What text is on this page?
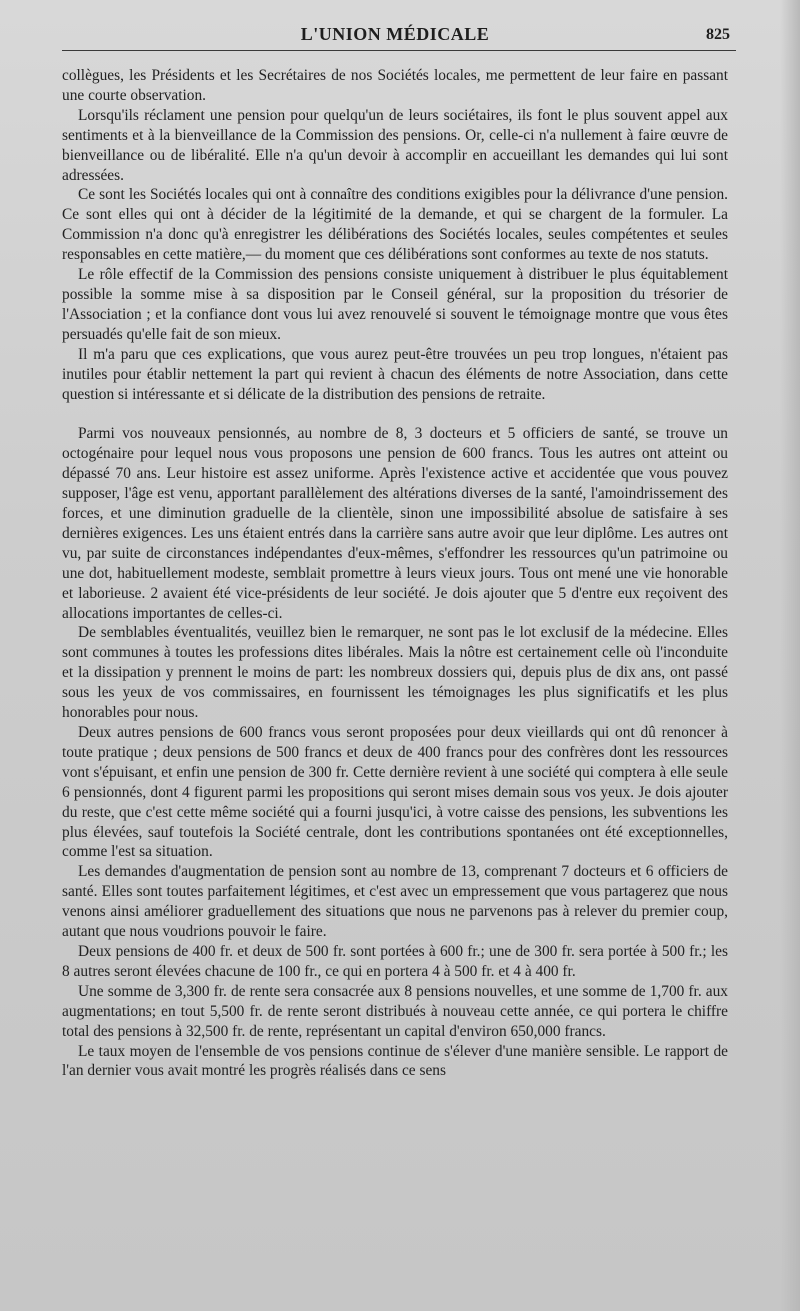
L'UNION MÉDICALE	825

collègues, les Présidents et les Secrétaires de nos Sociétés locales, me permettent de leur faire en passant une courte observation.

Lorsqu'ils réclament une pension pour quelqu'un de leurs sociétaires, ils font le plus souvent appel aux sentiments et à la bienveillance de la Commission des pensions. Or, celle-ci n'a nullement à faire œuvre de bienveillance ou de libéralité. Elle n'a qu'un devoir à accomplir en accueillant les demandes qui lui sont adressées.

Ce sont les Sociétés locales qui ont à connaître des conditions exigibles pour la délivrance d'une pension. Ce sont elles qui ont à décider de la légitimité de la demande, et qui se chargent de la formuler. La Commission n'a donc qu'à enregistrer les délibérations des Sociétés locales, seules compétentes et seules responsables en cette matière,— du moment que ces délibérations sont conformes au texte de nos statuts.

Le rôle effectif de la Commission des pensions consiste uniquement à distribuer le plus équitablement possible la somme mise à sa disposition par le Conseil général, sur la proposition du trésorier de l'Association ; et la confiance dont vous lui avez renouvelé si souvent le témoignage montre que vous êtes persuadés qu'elle fait de son mieux.

Il m'a paru que ces explications, que vous aurez peut-être trouvées un peu trop longues, n'étaient pas inutiles pour établir nettement la part qui revient à chacun des éléments de notre Association, dans cette question si intéressante et si délicate de la distribution des pensions de retraite.

Parmi vos nouveaux pensionnés, au nombre de 8, 3 docteurs et 5 officiers de santé, se trouve un octogénaire pour lequel nous vous proposons une pension de 600 francs. Tous les autres ont atteint ou dépassé 70 ans. Leur histoire est assez uniforme. Après l'existence active et accidentée que vous pouvez supposer, l'âge est venu, apportant parallèlement des altérations diverses de la santé, l'amoindrissement des forces, et une diminution graduelle de la clientèle, sinon une impossibilité absolue de satisfaire à ses dernières exigences. Les uns étaient entrés dans la carrière sans autre avoir que leur diplôme. Les autres ont vu, par suite de circonstances indépendantes d'eux-mêmes, s'effondrer les ressources qu'un patrimoine ou une dot, habituellement modeste, semblait promettre à leurs vieux jours. Tous ont mené une vie honorable et laborieuse. 2 avaient été vice-présidents de leur société. Je dois ajouter que 5 d'entre eux reçoivent des allocations importantes de celles-ci.

De semblables éventualités, veuillez bien le remarquer, ne sont pas le lot exclusif de la médecine. Elles sont communes à toutes les professions dites libérales. Mais la nôtre est certainement celle où l'inconduite et la dissipation y prennent le moins de part: les nombreux dossiers qui, depuis plus de dix ans, ont passé sous les yeux de vos commissaires, en fournissent les témoignages les plus significatifs et les plus honorables pour nous.

Deux autres pensions de 600 francs vous seront proposées pour deux vieillards qui ont dû renoncer à toute pratique ; deux pensions de 500 francs et deux de 400 francs pour des confrères dont les ressources vont s'épuisant, et enfin une pension de 300 fr. Cette dernière revient à une société qui comptera à elle seule 6 pensionnés, dont 4 figurent parmi les propositions qui seront mises demain sous vos yeux. Je dois ajouter du reste, que c'est cette même société qui a fourni jusqu'ici, à votre caisse des pensions, les subventions les plus élevées, sauf toutefois la Société centrale, dont les contributions spontanées ont été exceptionnelles, comme l'est sa situation.

Les demandes d'augmentation de pension sont au nombre de 13, comprenant 7 docteurs et 6 officiers de santé. Elles sont toutes parfaitement légitimes, et c'est avec un empressement que vous partagerez que nous venons ainsi améliorer graduellement des situations que nous ne parvenons pas à relever du premier coup, autant que nous voudrions pouvoir le faire.

Deux pensions de 400 fr. et deux de 500 fr. sont portées à 600 fr.; une de 300 fr. sera portée à 500 fr.; les 8 autres seront élevées chacune de 100 fr., ce qui en portera 4 à 500 fr. et 4 à 400 fr.

Une somme de 3,300 fr. de rente sera consacrée aux 8 pensions nouvelles, et une somme de 1,700 fr. aux augmentations; en tout 5,500 fr. de rente seront distribués à nouveau cette année, ce qui portera le chiffre total des pensions à 32,500 fr. de rente, représentant un capital d'environ 650,000 francs.

Le taux moyen de l'ensemble de vos pensions continue de s'élever d'une manière sensible. Le rapport de l'an dernier vous avait montré les progrès réalisés dans ce sens
